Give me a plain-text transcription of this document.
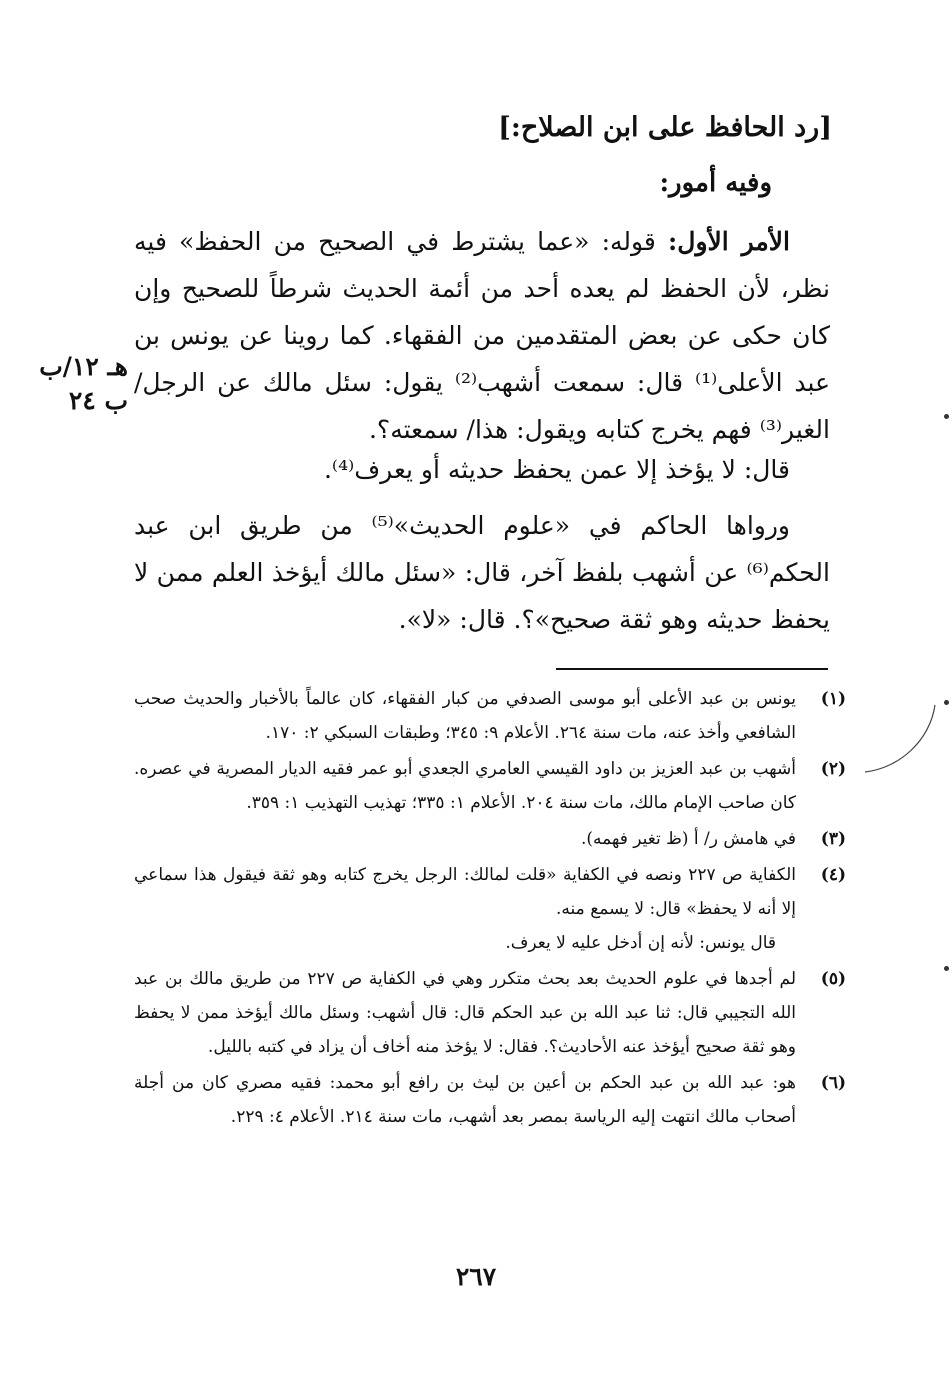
[رد الحافظ على ابن الصلاح:]
وفيه أمور:

الأمر الأول: قوله: «عما يشترط في الصحيح من الحفظ» فيه نظر، لأن الحفظ لم يعده أحد من أئمة الحديث شرطاً للصحيح وإن كان حكى عن بعض المتقدمين من الفقهاء. كما روينا عن يونس بن عبد الأعلى⁽¹⁾ قال: سمعت أشهب⁽²⁾ يقول: سئل مالك عن الرجل/ الغير⁽³⁾ فهم يخرج كتابه ويقول: هذا/ سمعته؟.

هـ ١٢/ب
ب ٢٤

قال: لا يؤخذ إلا عمن يحفظ حديثه أو يعرف⁽⁴⁾.

ورواها الحاكم في «علوم الحديث»⁽⁵⁾ من طريق ابن عبد الحكم⁽⁶⁾ عن أشهب بلفظ آخر، قال: «سئل مالك أيؤخذ العلم ممن لا يحفظ حديثه وهو ثقة صحيح»؟. قال: «لا».

(١)
يونس بن عبد الأعلى أبو موسى الصدفي من كبار الفقهاء، كان عالماً بالأخبار والحديث صحب الشافعي وأخذ عنه، مات سنة ٢٦٤. الأعلام ٩: ٣٤٥؛ وطبقات السبكي ٢: ١٧٠.
(٢)
أشهب بن عبد العزيز بن داود القيسي العامري الجعدي أبو عمر فقيه الديار المصرية في عصره. كان صاحب الإمام مالك، مات سنة ٢٠٤. الأعلام ١: ٣٣٥؛ تهذيب التهذيب ١: ٣٥٩.
(٣)
في هامش ر/ أ (ظ تغير فهمه).
(٤)
الكفاية ص ٢٢٧ ونصه في الكفاية «قلت لمالك: الرجل يخرج كتابه وهو ثقة فيقول هذا سماعي إلا أنه لا يحفظ» قال: لا يسمع منه.
قال يونس: لأنه إن أدخل عليه لا يعرف.
(٥)
لم أجدها في علوم الحديث بعد بحث متكرر وهي في الكفاية ص ٢٢٧ من طريق مالك بن عبد الله التجيبي قال: ثنا عبد الله بن عبد الحكم قال: قال أشهب: وسئل مالك أيؤخذ ممن لا يحفظ وهو ثقة صحيح أيؤخذ عنه الأحاديث؟. فقال: لا يؤخذ منه أخاف أن يزاد في كتبه بالليل.
(٦)
هو: عبد الله بن عبد الحكم بن أعين بن ليث بن رافع أبو محمد: فقيه مصري كان من أجلة أصحاب مالك انتهت إليه الرياسة بمصر بعد أشهب، مات سنة ٢١٤. الأعلام ٤: ٢٢٩.
٢٦٧
